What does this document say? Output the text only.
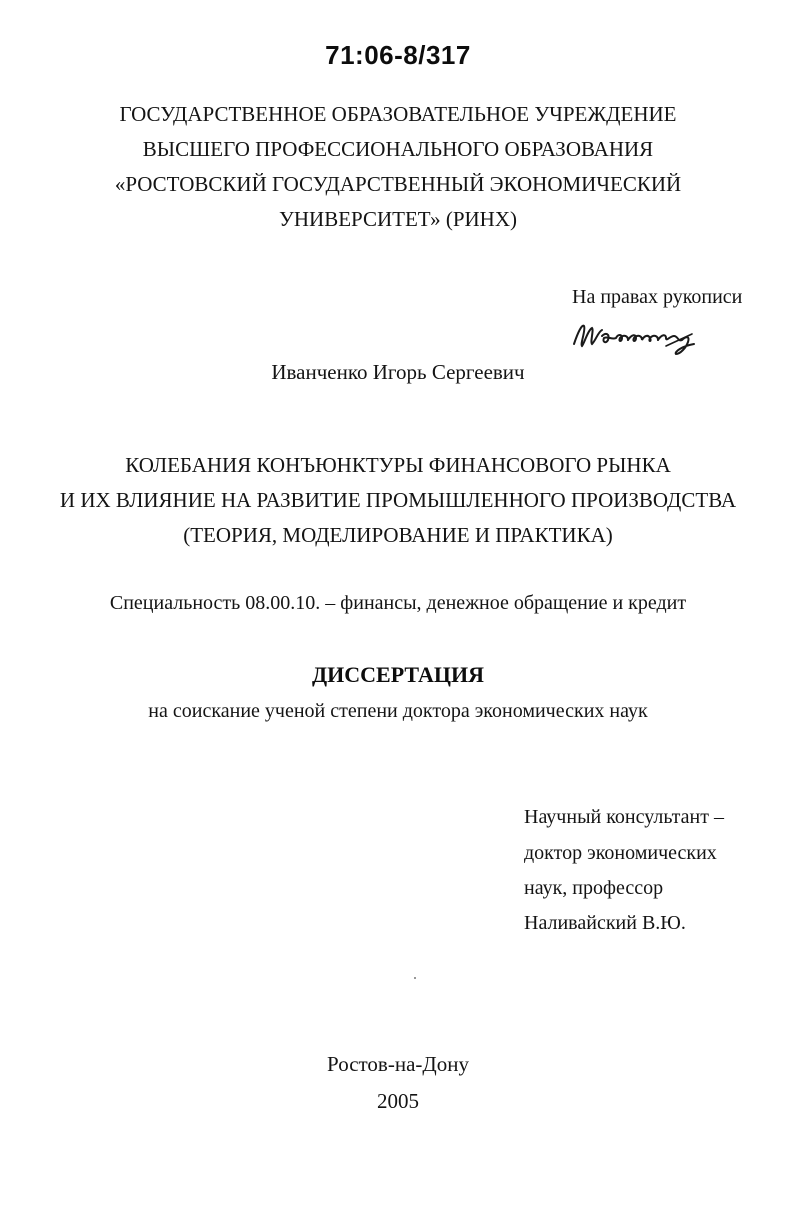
71:06-8/317
ГОСУДАРСТВЕННОЕ ОБРАЗОВАТЕЛЬНОЕ УЧРЕЖДЕНИЕ
ВЫСШЕГО ПРОФЕССИОНАЛЬНОГО ОБРАЗОВАНИЯ
«РОСТОВСКИЙ ГОСУДАРСТВЕННЫЙ ЭКОНОМИЧЕСКИЙ
УНИВЕРСИТЕТ» (РИНХ)
На правах рукописи
Иванченко Игорь Сергеевич
КОЛЕБАНИЯ КОНЪЮНКТУРЫ ФИНАНСОВОГО РЫНКА
И ИХ ВЛИЯНИЕ НА РАЗВИТИЕ ПРОМЫШЛЕННОГО ПРОИЗВОДСТВА
(ТЕОРИЯ, МОДЕЛИРОВАНИЕ И ПРАКТИКА)
Специальность 08.00.10. – финансы, денежное обращение и кредит
ДИССЕРТАЦИЯ
на соискание ученой степени доктора экономических наук
Научный консультант –
доктор экономических
наук, профессор
Наливайский В.Ю.
Ростов-на-Дону
2005
